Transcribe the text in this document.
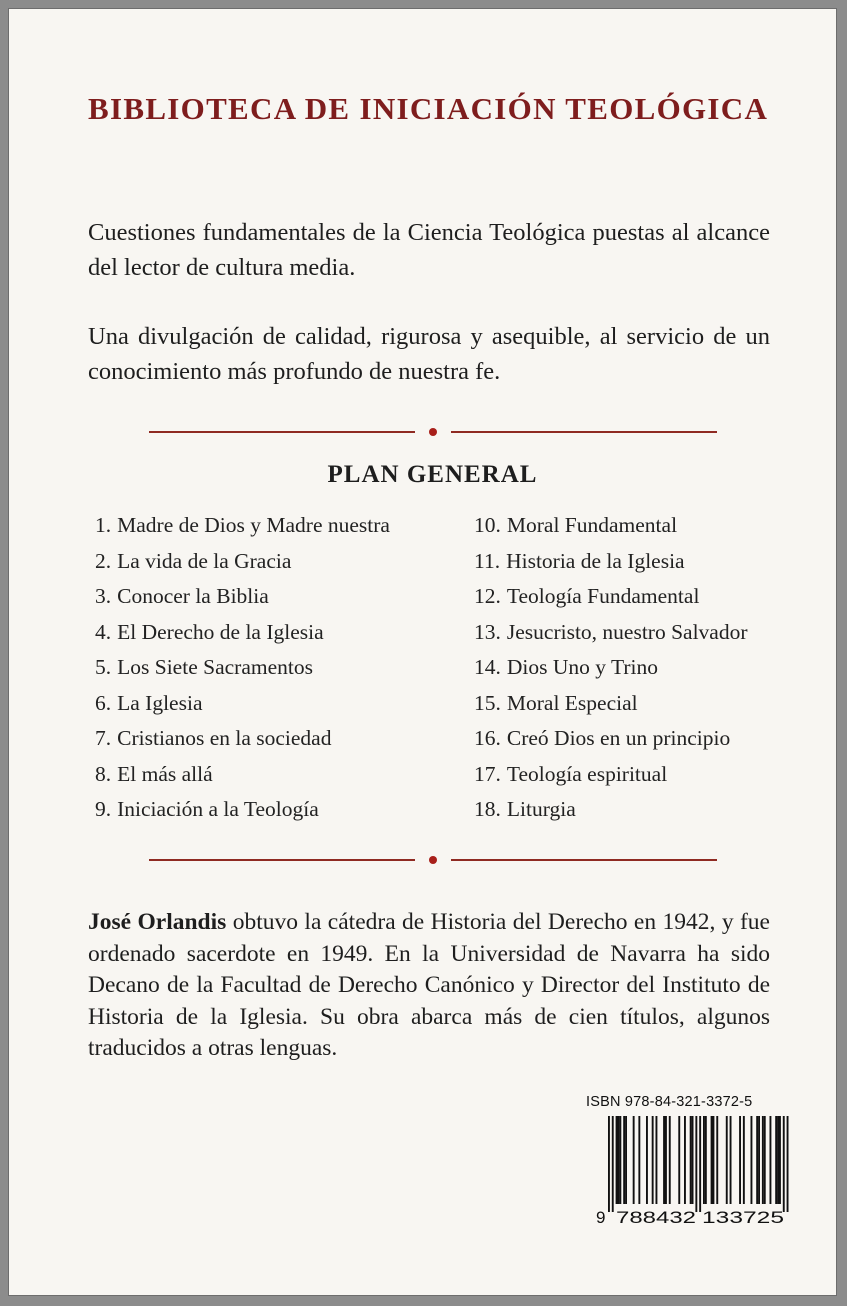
BIBLIOTECA DE INICIACIÓN TEOLÓGICA

Cuestiones fundamentales de la Ciencia Teológica puestas al alcance del lector de cultura media.

Una divulgación de calidad, rigurosa y asequible, al servicio de un conocimiento más profundo de nuestra fe.

PLAN GENERAL
1. Madre de Dios y Madre nuestra
2. La vida de la Gracia
3. Conocer la Biblia
4. El Derecho de la Iglesia
5. Los Siete Sacramentos
6. La Iglesia
7. Cristianos en la sociedad
8. El más allá
9. Iniciación a la Teología
10. Moral Fundamental
11. Historia de la Iglesia
12. Teología Fundamental
13. Jesucristo, nuestro Salvador
14. Dios Uno y Trino
15. Moral Especial
16. Creó Dios en un principio
17. Teología espiritual
18. Liturgia

José Orlandis obtuvo la cátedra de Historia del Derecho en 1942, y fue ordenado sacerdote en 1949. En la Universidad de Navarra ha sido Decano de la Facultad de Derecho Canónico y Director del Instituto de Historia de la Iglesia. Su obra abarca más de cien títulos, algunos traducidos a otras lenguas.

ISBN 978-84-321-3372-5
9 788432 133725
